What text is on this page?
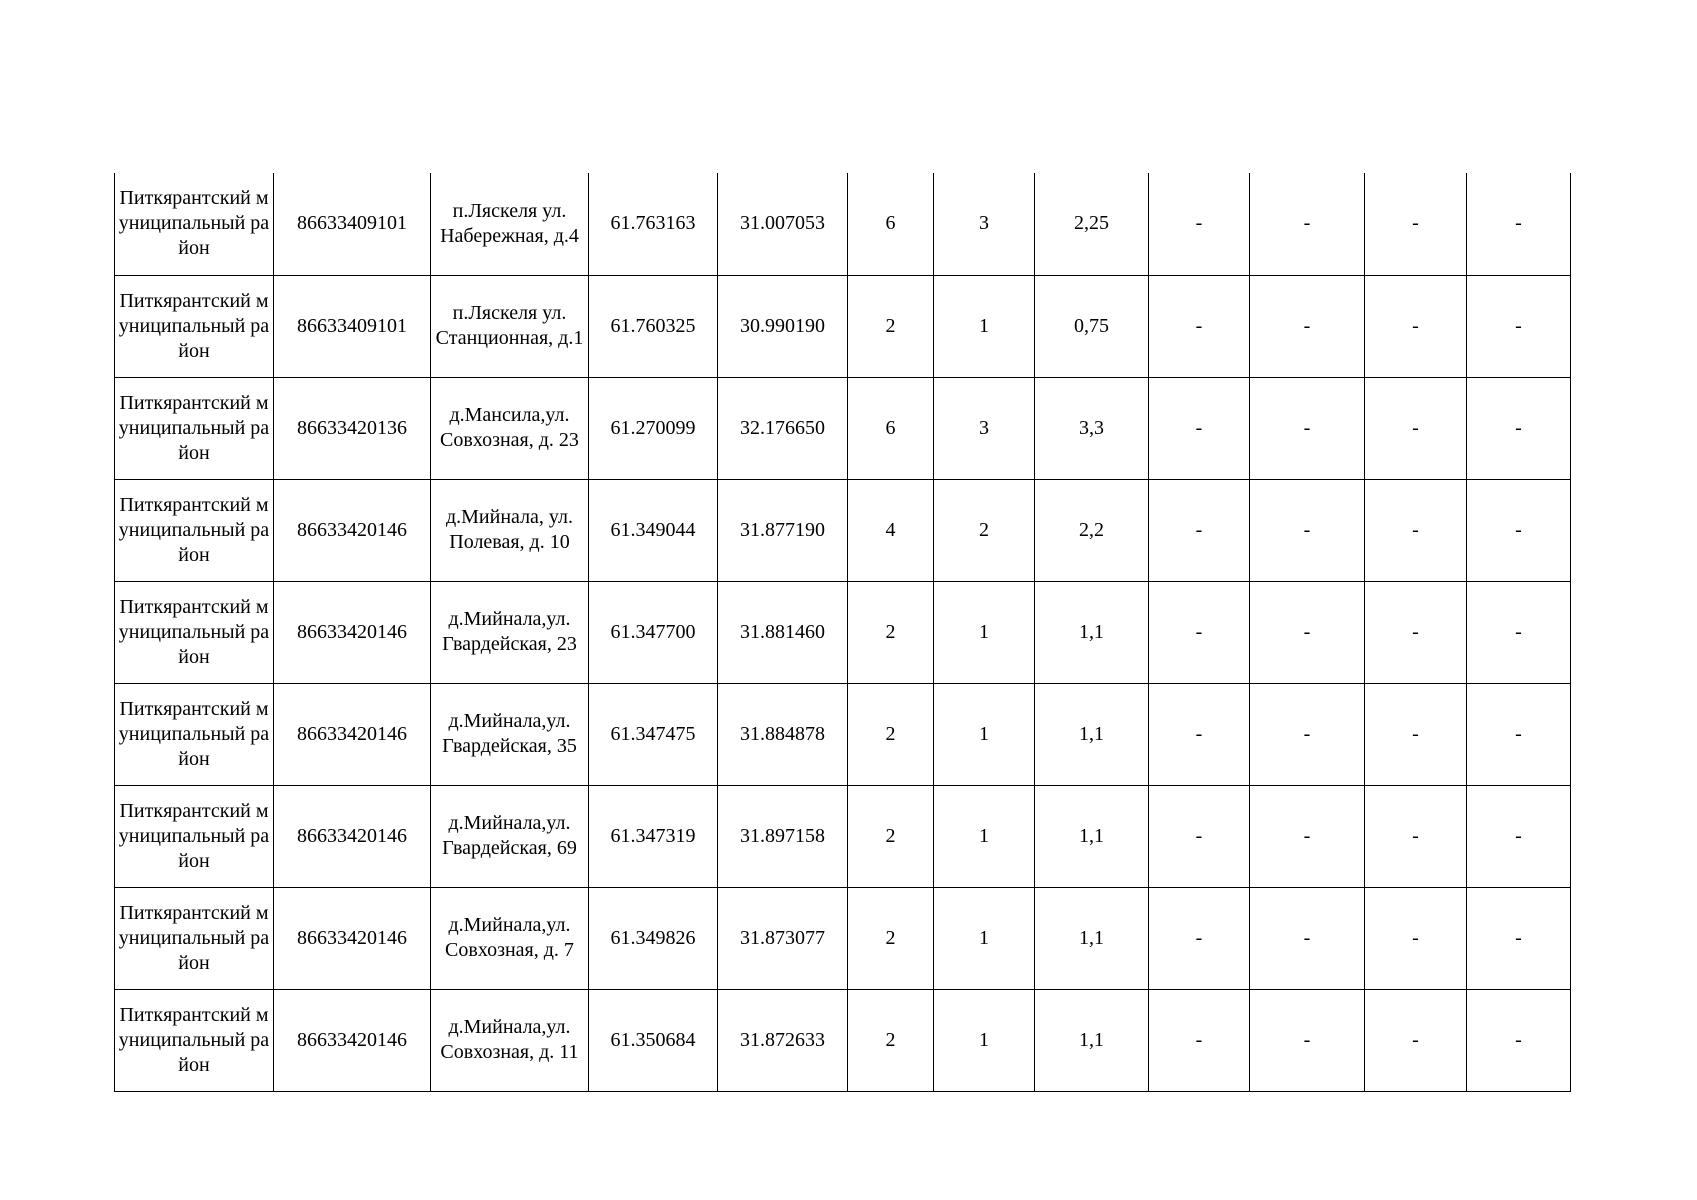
Питкярантский муниципальный район	86633409101	п.Ляскеля ул. Набережная, д.4	61.763163	31.007053	6	3	2,25	-	-	-	-
Питкярантский муниципальный район	86633409101	п.Ляскеля ул. Станционная, д.1	61.760325	30.990190	2	1	0,75	-	-	-	-
Питкярантский муниципальный район	86633420136	д.Мансила,ул. Совхозная, д. 23	61.270099	32.176650	6	3	3,3	-	-	-	-
Питкярантский муниципальный район	86633420146	д.Мийнала, ул. Полевая, д. 10	61.349044	31.877190	4	2	2,2	-	-	-	-
Питкярантский муниципальный район	86633420146	д.Мийнала,ул. Гвардейская, 23	61.347700	31.881460	2	1	1,1	-	-	-	-
Питкярантский муниципальный район	86633420146	д.Мийнала,ул. Гвардейская, 35	61.347475	31.884878	2	1	1,1	-	-	-	-
Питкярантский муниципальный район	86633420146	д.Мийнала,ул. Гвардейская, 69	61.347319	31.897158	2	1	1,1	-	-	-	-
Питкярантский муниципальный район	86633420146	д.Мийнала,ул. Совхозная, д. 7	61.349826	31.873077	2	1	1,1	-	-	-	-
Питкярантский муниципальный район	86633420146	д.Мийнала,ул. Совхозная, д. 11	61.350684	31.872633	2	1	1,1	-	-	-	-
